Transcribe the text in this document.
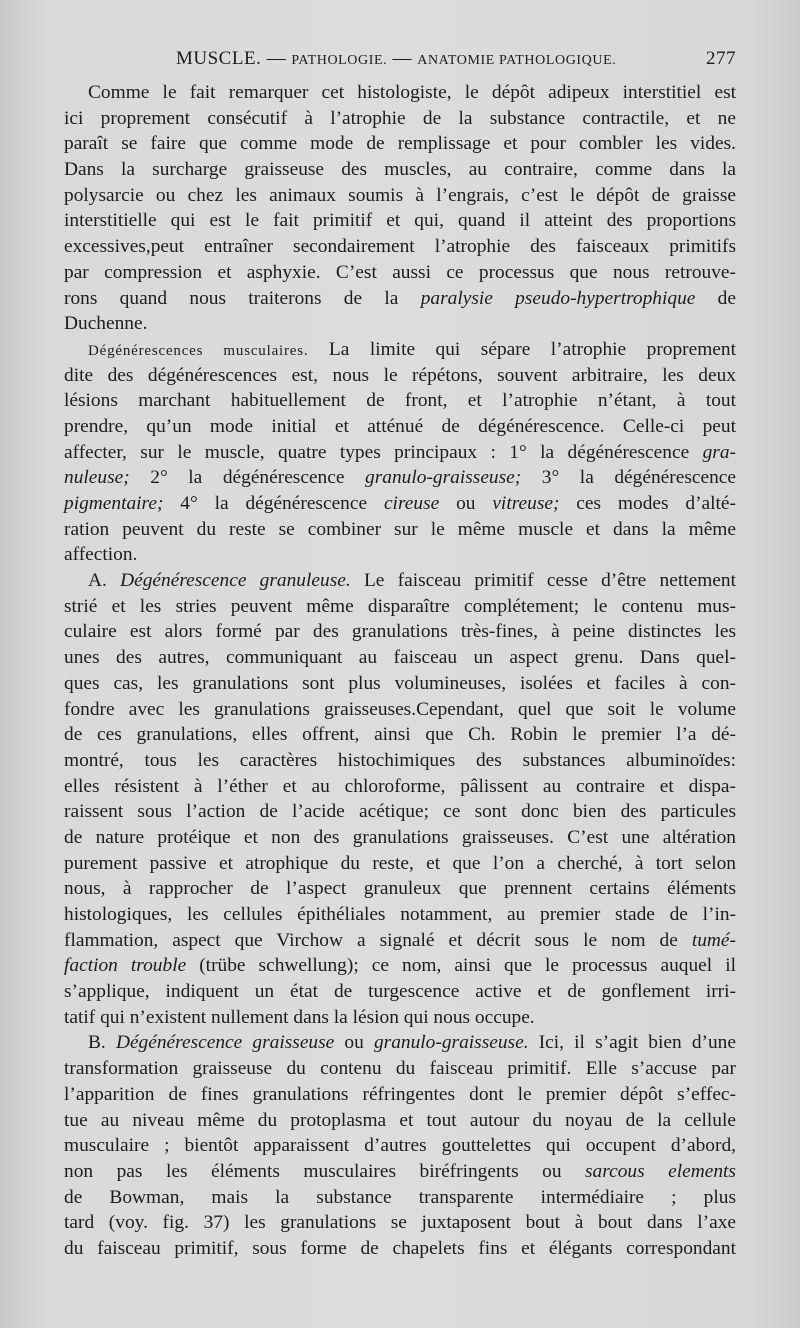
MUSCLE. — PATHOLOGIE. — ANATOMIE PATHOLOGIQUE.	277
Comme le fait remarquer cet histologiste, le dépôt adipeux interstitiel est
ici proprement consécutif à l’atrophie de la substance contractile, et ne
paraît se faire que comme mode de remplissage et pour combler les vides.
Dans la surcharge graisseuse des muscles, au contraire, comme dans la
polysarcie ou chez les animaux soumis à l’engrais, c’est le dépôt de graisse
interstitielle qui est le fait primitif et qui, quand il atteint des proportions
excessives,peut entraîner secondairement l’atrophie des faisceaux primitifs
par compression et asphyxie. C’est aussi ce processus que nous retrouve-
rons quand nous traiterons de la paralysie pseudo-hypertrophique de
Duchenne.
Dégénérescences musculaires. La limite qui sépare l’atrophie proprement
dite des dégénérescences est, nous le répétons, souvent arbitraire, les deux
lésions marchant habituellement de front, et l’atrophie n’étant, à tout
prendre, qu’un mode initial et atténué de dégénérescence. Celle-ci peut
affecter, sur le muscle, quatre types principaux : 1° la dégénérescence gra-
nuleuse; 2° la dégénérescence granulo-graisseuse; 3° la dégénérescence
pigmentaire; 4° la dégénérescence cireuse ou vitreuse; ces modes d’alté-
ration peuvent du reste se combiner sur le même muscle et dans la même
affection.
A. Dégénérescence granuleuse. Le faisceau primitif cesse d’être nettement
strié et les stries peuvent même disparaître complétement; le contenu mus-
culaire est alors formé par des granulations très-fines, à peine distinctes les
unes des autres, communiquant au faisceau un aspect grenu. Dans quel-
ques cas, les granulations sont plus volumineuses, isolées et faciles à con-
fondre avec les granulations graisseuses.Cependant, quel que soit le volume
de ces granulations, elles offrent, ainsi que Ch. Robin le premier l’a dé-
montré, tous les caractères histochimiques des substances albuminoïdes:
elles résistent à l’éther et au chloroforme, pâlissent au contraire et dispa-
raissent sous l’action de l’acide acétique; ce sont donc bien des particules
de nature protéique et non des granulations graisseuses. C’est une altération
purement passive et atrophique du reste, et que l’on a cherché, à tort selon
nous, à rapprocher de l’aspect granuleux que prennent certains éléments
histologiques, les cellules épithéliales notamment, au premier stade de l’in-
flammation, aspect que Virchow a signalé et décrit sous le nom de tumé-
faction trouble (trübe schwellung); ce nom, ainsi que le processus auquel il
s’applique, indiquent un état de turgescence active et de gonflement irri-
tatif qui n’existent nullement dans la lésion qui nous occupe.
B. Dégénérescence graisseuse ou granulo-graisseuse. Ici, il s’agit bien d’une
transformation graisseuse du contenu du faisceau primitif. Elle s’accuse par
l’apparition de fines granulations réfringentes dont le premier dépôt s’effec-
tue au niveau même du protoplasma et tout autour du noyau de la cellule
musculaire ; bientôt apparaissent d’autres gouttelettes qui occupent d’abord,
non pas les éléments musculaires biréfringents ou sarcous elements
de Bowman, mais la substance transparente intermédiaire ; plus
tard (voy. fig. 37) les granulations se juxtaposent bout à bout dans l’axe
du faisceau primitif, sous forme de chapelets fins et élégants correspondant
